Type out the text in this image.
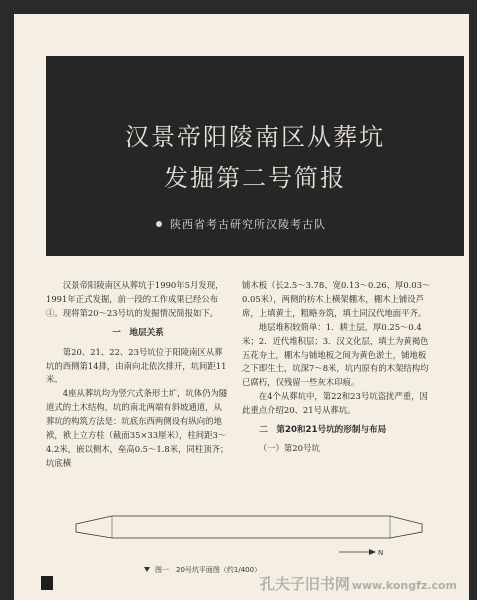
汉景帝阳陵南区从葬坑
发掘第二号简报
陕西省考古研究所汉陵考古队

汉景帝阳陵南区从葬坑于1990年5月发现，1991年正式发掘，前一段的工作成果已经公布①。现将第20～23号坑的发掘情况简报如下。

一　地层关系

第20、21、22、23号坑位于阳陵南区从葬坑的西侧第14排，由南向北依次排开，坑间距11米。

4座从葬坑均为竖穴式条形土圹，坑体仍为隧道式的土木结构，坑的南北两端有斜坡通道，从葬坑的构筑方法是：坑底东西两侧设有纵向的地袱，袱上立方柱（截面35×33厘米），柱间距3～4.2米，嵌以侧木，垒高0.5～1.8米，同柱顶齐；坑底横

铺木板（长2.5～3.78、宽0.13～0.26、厚0.03～0.05米），两侧的枋木上横架棚木，棚木上铺设芦席，上填黄土，粗略夯筑，填土同汉代地面平齐。

地层堆积较简单：1．耕土层，厚0.25～0.4米；2．近代堆积层；3．汉文化层，填土为黄褐色五花夯土，棚木与铺地板之间为黄色淤土，铺地板之下即生土，坑深7～8米，坑内原有的木架结构均已腐朽，仅残留一些灰木印痕。

在4个从葬坑中，第22和23号坑盗扰严重，因此重点介绍20、21号从葬坑。

二　第20和21号坑的形制与布局

（一）第20号坑

N
图一　20号坑平面图（约1/400）
孔夫子旧书网 www.kongfz.com
